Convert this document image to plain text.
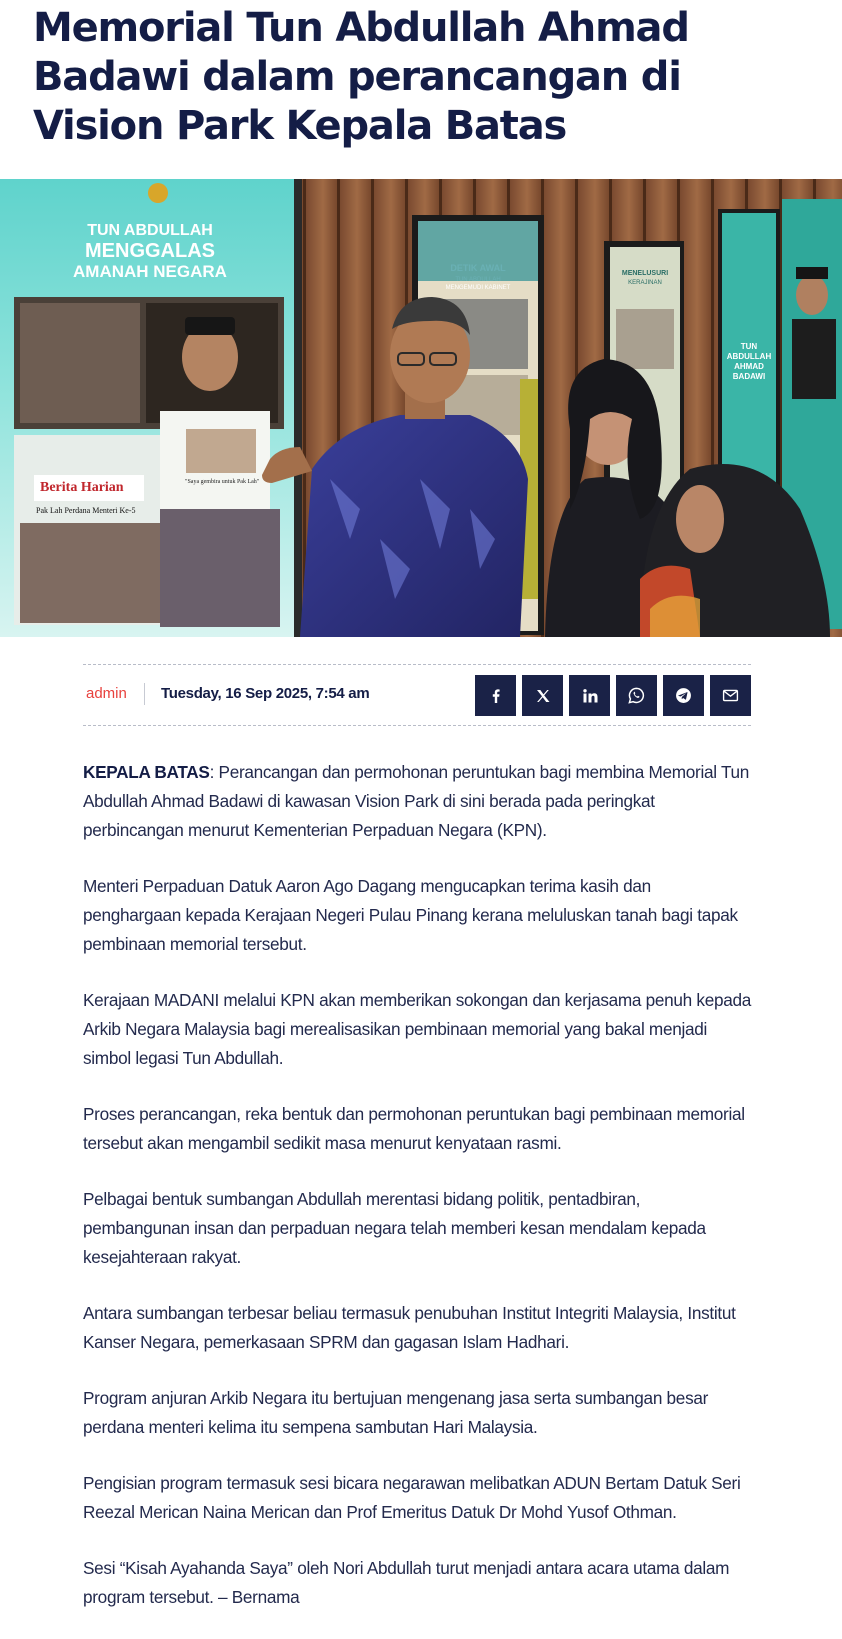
Memorial Tun Abdullah Ahmad Badawi dalam perancangan di Vision Park Kepala Batas
TUN ABDULLAH
MENGGALAS
AMANAH NEGARA
Berita Harian
Pak Lah Perdana Menteri Ke-5
"Saya gembira untuk Pak Lah"
MENGEMUDI KABINET
MENELUSURI
KERAJINAN
TUN
ABDULLAH
AHMAD
BADAWI
admin Tuesday, 16 Sep 2025, 7:54 am

KEPALA BATAS: Perancangan dan permohonan peruntukan bagi membina Memorial Tun Abdullah Ahmad Badawi di kawasan Vision Park di sini berada pada peringkat perbincangan menurut Kementerian Perpaduan Negara (KPN).

Menteri Perpaduan Datuk Aaron Ago Dagang mengucapkan terima kasih dan penghargaan kepada Kerajaan Negeri Pulau Pinang kerana meluluskan tanah bagi tapak pembinaan memorial tersebut.

Kerajaan MADANI melalui KPN akan memberikan sokongan dan kerjasama penuh kepada Arkib Negara Malaysia bagi merealisasikan pembinaan memorial yang bakal menjadi simbol legasi Tun Abdullah.

Proses perancangan, reka bentuk dan permohonan peruntukan bagi pembinaan memorial tersebut akan mengambil sedikit masa menurut kenyataan rasmi.

Pelbagai bentuk sumbangan Abdullah merentasi bidang politik, pentadbiran, pembangunan insan dan perpaduan negara telah memberi kesan mendalam kepada kesejahteraan rakyat.

Antara sumbangan terbesar beliau termasuk penubuhan Institut Integriti Malaysia, Institut Kanser Negara, pemerkasaan SPRM dan gagasan Islam Hadhari.

Program anjuran Arkib Negara itu bertujuan mengenang jasa serta sumbangan besar perdana menteri kelima itu sempena sambutan Hari Malaysia.

Pengisian program termasuk sesi bicara negarawan melibatkan ADUN Bertam Datuk Seri Reezal Merican Naina Merican dan Prof Emeritus Datuk Dr Mohd Yusof Othman.

Sesi “Kisah Ayahanda Saya” oleh Nori Abdullah turut menjadi antara acara utama dalam program tersebut. – Bernama
